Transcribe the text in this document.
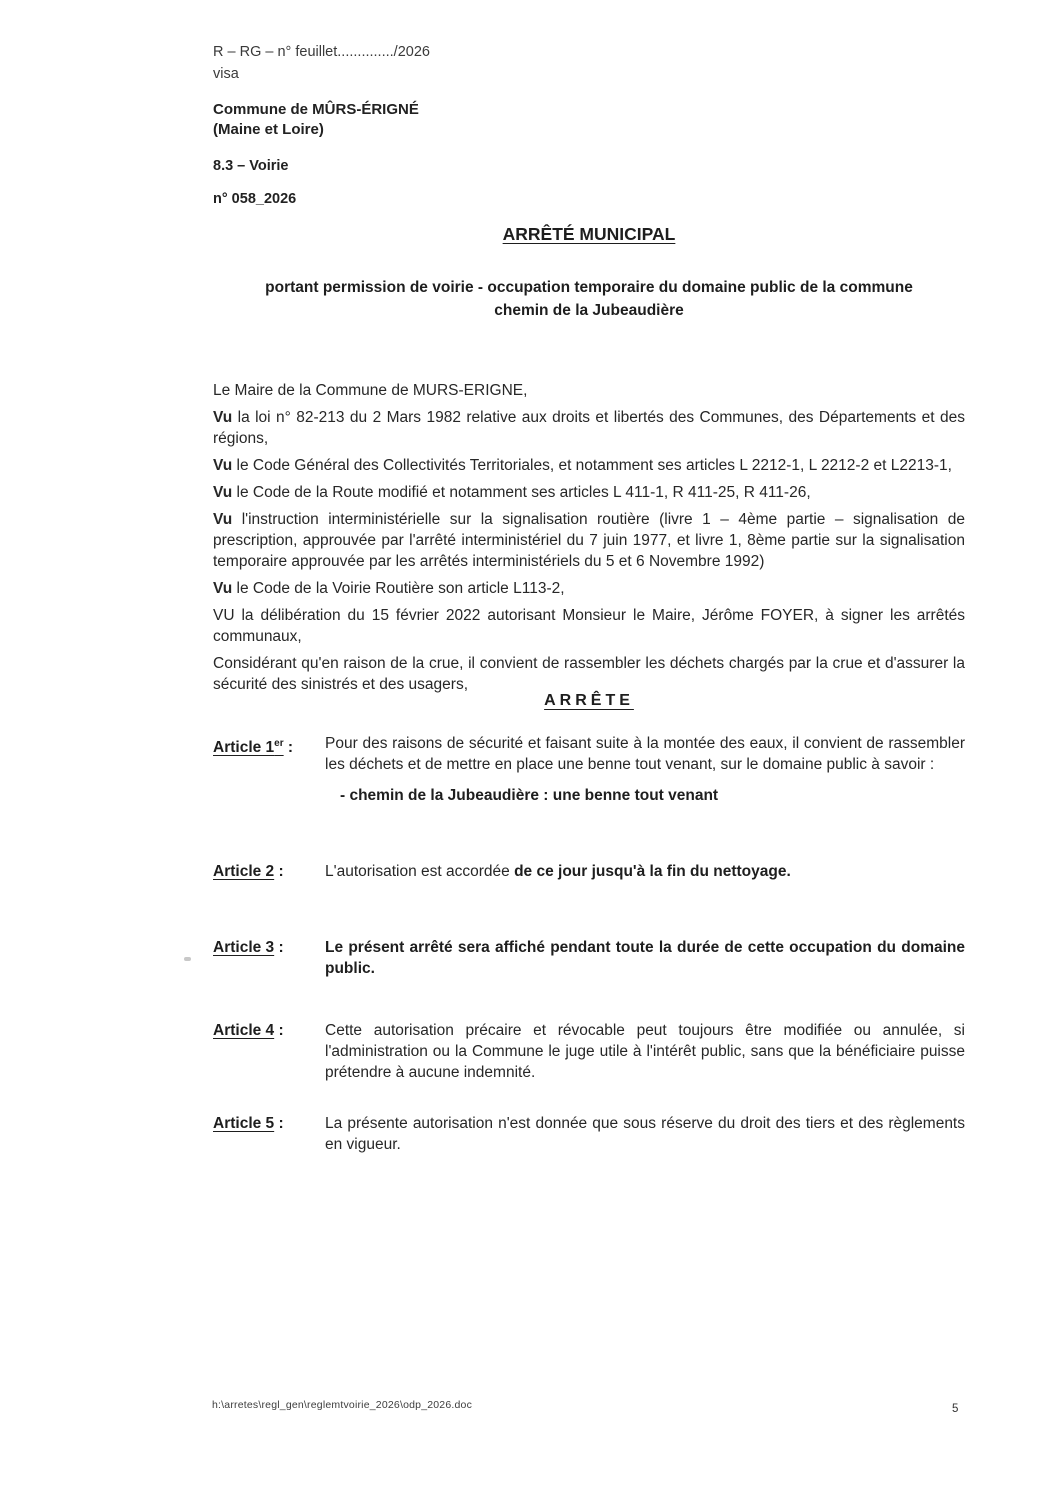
R – RG – n° feuillet............../2026
visa
Commune de MÛRS-ÉRIGNÉ
(Maine et Loire)
8.3 – Voirie
n° 058_2026
ARRÊTÉ MUNICIPAL
portant permission de voirie - occupation temporaire du domaine public de la commune
chemin de la Jubeaudière

Le Maire de la Commune de MURS-ERIGNE,

Vu la loi n° 82-213 du 2 Mars 1982 relative aux droits et libertés des Communes, des Départements et des régions,

Vu le Code Général des Collectivités Territoriales, et notamment ses articles L 2212-1, L 2212-2 et L2213-1,

Vu le Code de la Route modifié et notamment ses articles L 411-1, R 411-25, R 411-26,

Vu l'instruction interministérielle sur la signalisation routière (livre 1 – 4ème partie – signalisation de prescription, approuvée par l'arrêté interministériel du 7 juin 1977, et livre 1, 8ème partie sur la signalisation temporaire approuvée par les arrêtés interministériels du 5 et 6 Novembre 1992)

Vu le Code de la Voirie Routière son article L113-2,

VU la délibération du 15 février 2022 autorisant Monsieur le Maire, Jérôme FOYER, à signer les arrêtés communaux,

Considérant qu'en raison de la crue, il convient de rassembler les déchets chargés par la crue et d'assurer la sécurité des sinistrés et des usagers,

ARRÊTE
Article 1er :	Pour des raisons de sécurité et faisant suite à la montée des eaux, il convient de rassembler les déchets et de mettre en place une benne tout venant, sur le domaine public à savoir :

- chemin de la Jubeaudière : une benne tout venant

Article 2 :	L'autorisation est accordée de ce jour jusqu'à la fin du nettoyage.

Article 3 :	Le présent arrêté sera affiché pendant toute la durée de cette occupation du domaine public.

Article 4 :	Cette autorisation précaire et révocable peut toujours être modifiée ou annulée, si l'administration ou la Commune le juge utile à l'intérêt public, sans que la bénéficiaire puisse prétendre à aucune indemnité.

Article 5 :	La présente autorisation n'est donnée que sous réserve du droit des tiers et des règlements en vigueur.

h:\arretes\regl_gen\reglemtvoirie_2026\odp_2026.doc	5
